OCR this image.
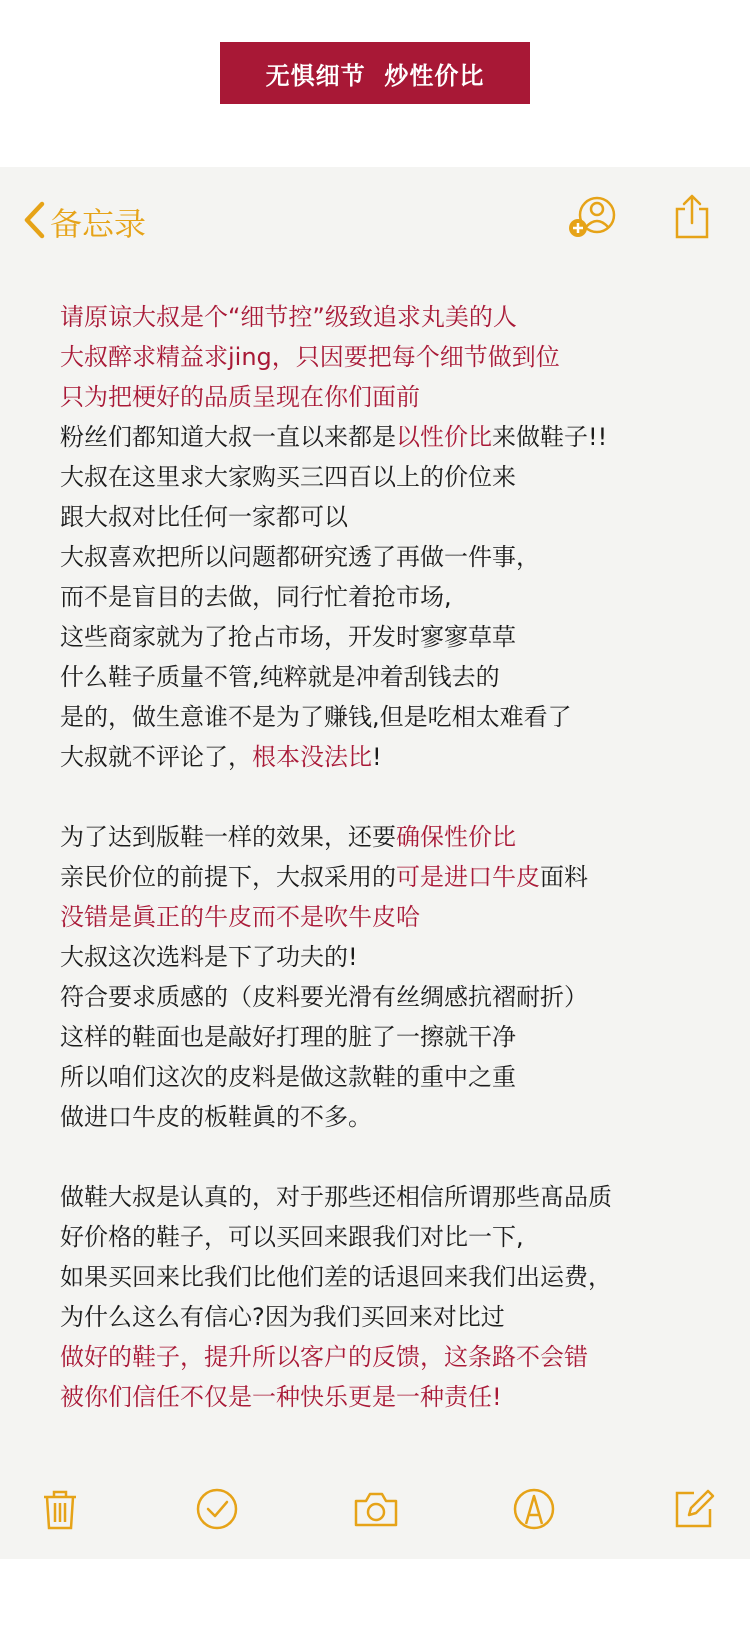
无惧细节  炒性价比
备忘录
请原谅大叔是个“细节控”级致追求丸美的人
大叔醉求精益求jing，只因要把每个细节做到位
只为把梗好的品质呈现在你们面前
粉丝们都知道大叔一直以来都是以性价比来做鞋子!!
大叔在这里求大家购买三四百以上的价位来
跟大叔对比任何一家都可以
大叔喜欢把所以问题都研究透了再做一件事，
而不是盲目的去做，同行忙着抢市场,
这些商家就为了抢占市场，开发时寥寥草草
什么鞋子质量不管,纯粹就是冲着刮钱去的
是的，做生意谁不是为了赚钱,但是吃相太难看了
大叔就不评论了，根本没法比!
为了达到版鞋一样的效果，还要确保性价比
亲民价位的前提下，大叔采用的可是进口牛皮面料
没错是眞正的牛皮而不是吹牛皮哈
大叔这次选料是下了功夫的!
符合要求质感的（皮料要光滑有丝绸感抗褶耐折）
这样的鞋面也是敲好打理的脏了一擦就干净
所以咱们这次的皮料是做这款鞋的重中之重
做进口牛皮的板鞋眞的不多。
做鞋大叔是认真的，对于那些还相信所谓那些髙品质
好价格的鞋子，可以买回来跟我们对比一下,
如果买回来比我们比他们差的话退回来我们出运费，
为什么这么有信心?因为我们买回来对比过
做好的鞋子，提升所以客户的反馈，这条路不会错
被你们信任不仅是一种快乐更是一种责任!
